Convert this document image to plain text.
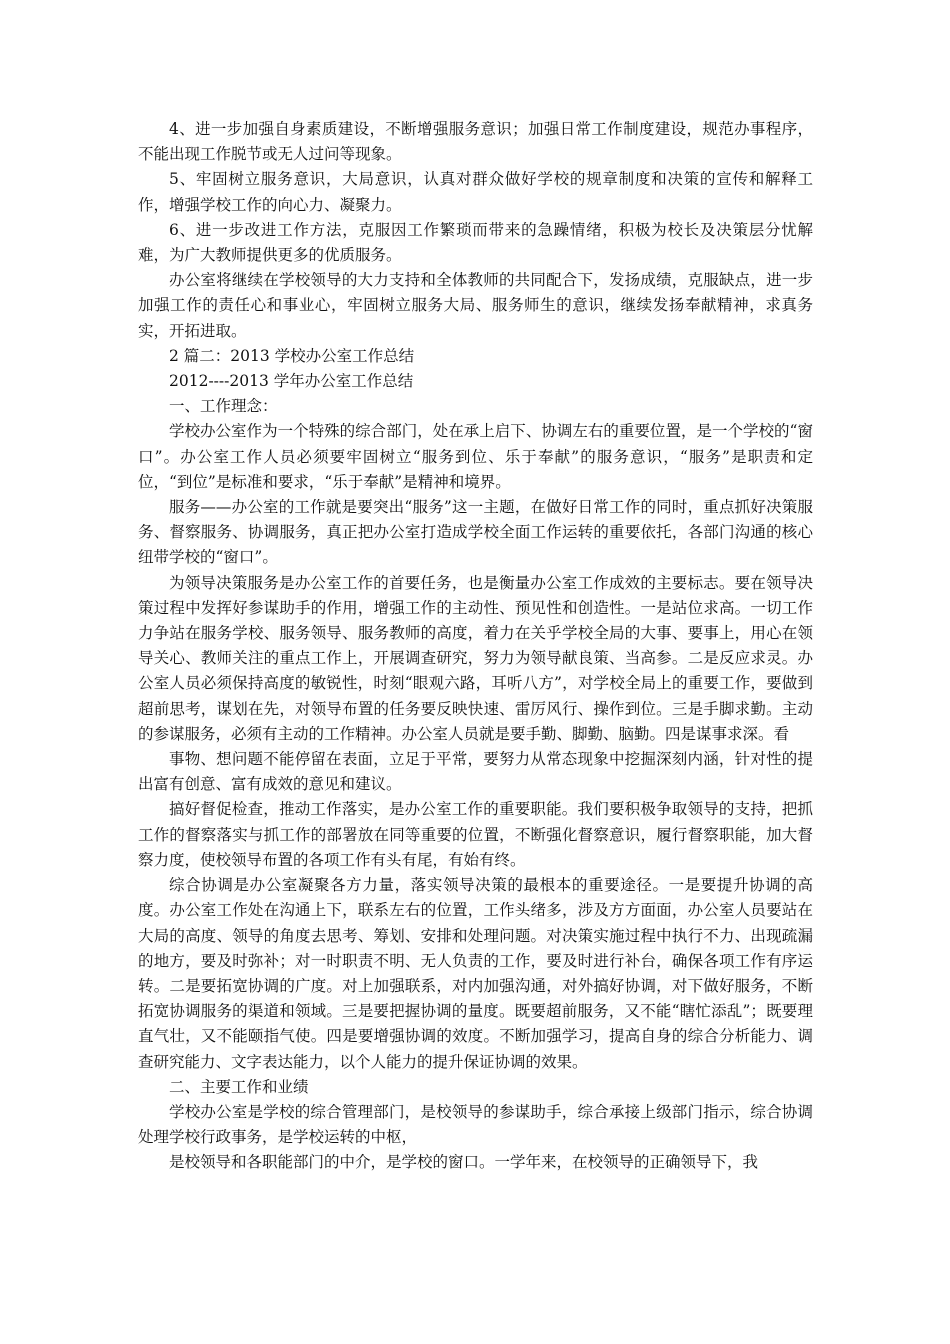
4、进一步加强自身素质建设，不断增强服务意识；加强日常工作制度建设，规范办事程序，不能出现工作脱节或无人过问等现象。

5、牢固树立服务意识，大局意识，认真对群众做好学校的规章制度和决策的宣传和解释工作，增强学校工作的向心力、凝聚力。

6、进一步改进工作方法，克服因工作繁琐而带来的急躁情绪，积极为校长及决策层分忧解难，为广大教师提供更多的优质服务。

办公室将继续在学校领导的大力支持和全体教师的共同配合下，发扬成绩，克服缺点，进一步加强工作的责任心和事业心，牢固树立服务大局、服务师生的意识，继续发扬奉献精神，求真务实，开拓进取。

2 篇二：2013 学校办公室工作总结

2012----2013 学年办公室工作总结

一、工作理念：

学校办公室作为一个特殊的综合部门，处在承上启下、协调左右的重要位置，是一个学校的“窗口”。办公室工作人员必须要牢固树立“服务到位、乐于奉献”的服务意识，“服务”是职责和定位，“到位”是标准和要求，“乐于奉献”是精神和境界。

服务——办公室的工作就是要突出“服务”这一主题，在做好日常工作的同时，重点抓好决策服务、督察服务、协调服务，真正把办公室打造成学校全面工作运转的重要依托，各部门沟通的核心纽带学校的“窗口”。

为领导决策服务是办公室工作的首要任务，也是衡量办公室工作成效的主要标志。要在领导决策过程中发挥好参谋助手的作用，增强工作的主动性、预见性和创造性。一是站位求高。一切工作力争站在服务学校、服务领导、服务教师的高度，着力在关乎学校全局的大事、要事上，用心在领导关心、教师关注的重点工作上，开展调查研究，努力为领导献良策、当高参。二是反应求灵。办公室人员必须保持高度的敏锐性，时刻“眼观六路，耳听八方”，对学校全局上的重要工作，要做到超前思考，谋划在先，对领导布置的任务要反映快速、雷厉风行、操作到位。三是手脚求勤。主动的参谋服务，必须有主动的工作精神。办公室人员就是要手勤、脚勤、脑勤。四是谋事求深。看

事物、想问题不能停留在表面，立足于平常，要努力从常态现象中挖掘深刻内涵，针对性的提出富有创意、富有成效的意见和建议。

搞好督促检查，推动工作落实，是办公室工作的重要职能。我们要积极争取领导的支持，把抓工作的督察落实与抓工作的部署放在同等重要的位置，不断强化督察意识，履行督察职能，加大督察力度，使校领导布置的各项工作有头有尾，有始有终。

综合协调是办公室凝聚各方力量，落实领导决策的最根本的重要途径。一是要提升协调的高度。办公室工作处在沟通上下，联系左右的位置，工作头绪多，涉及方方面面，办公室人员要站在大局的高度、领导的角度去思考、筹划、安排和处理问题。对决策实施过程中执行不力、出现疏漏的地方，要及时弥补；对一时职责不明、无人负责的工作，要及时进行补台，确保各项工作有序运转。二是要拓宽协调的广度。对上加强联系，对内加强沟通，对外搞好协调，对下做好服务，不断拓宽协调服务的渠道和领域。三是要把握协调的量度。既要超前服务，又不能“瞎忙添乱”；既要理直气壮，又不能颐指气使。四是要增强协调的效度。不断加强学习，提高自身的综合分析能力、调查研究能力、文字表达能力，以个人能力的提升保证协调的效果。

二、主要工作和业绩

学校办公室是学校的综合管理部门，是校领导的参谋助手，综合承接上级部门指示，综合协调处理学校行政事务，是学校运转的中枢，

是校领导和各职能部门的中介，是学校的窗口。一学年来，在校领导的正确领导下，我
